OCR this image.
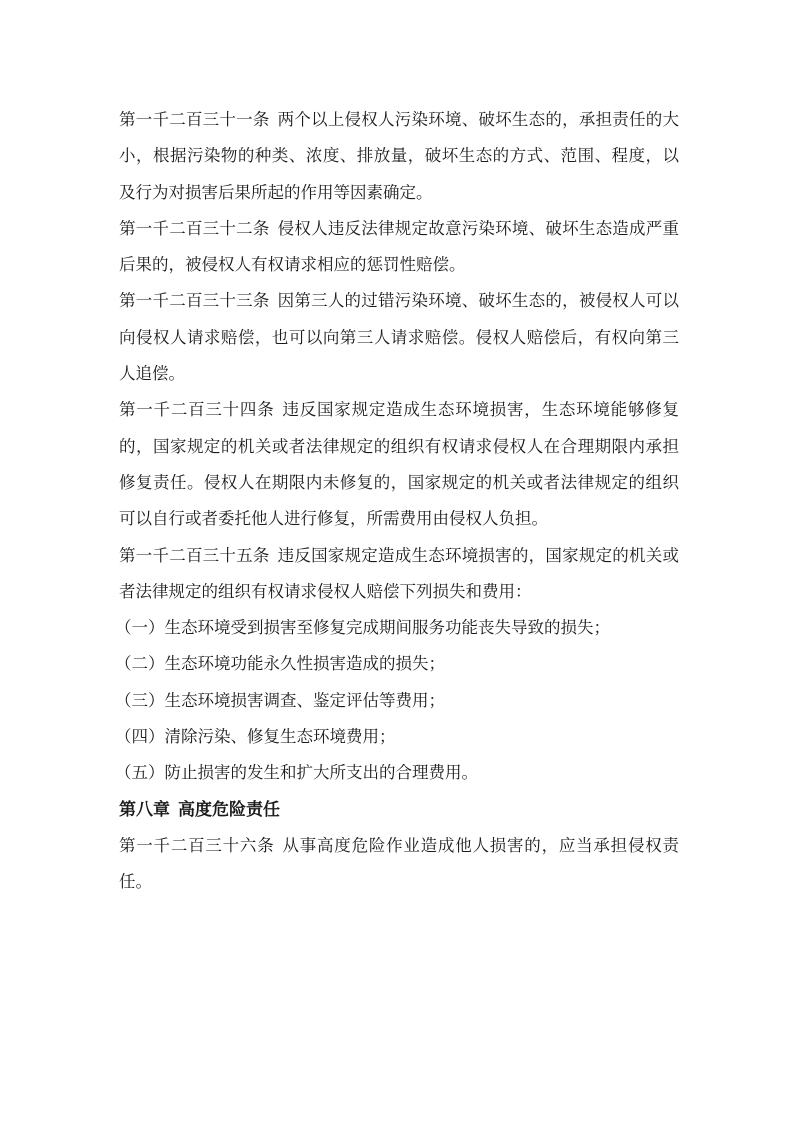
第一千二百三十一条 两个以上侵权人污染环境、破坏生态的，承担责任的大小，根据污染物的种类、浓度、排放量，破坏生态的方式、范围、程度，以及行为对损害后果所起的作用等因素确定。

第一千二百三十二条 侵权人违反法律规定故意污染环境、破坏生态造成严重后果的，被侵权人有权请求相应的惩罚性赔偿。

第一千二百三十三条 因第三人的过错污染环境、破坏生态的，被侵权人可以向侵权人请求赔偿，也可以向第三人请求赔偿。侵权人赔偿后，有权向第三人追偿。

第一千二百三十四条 违反国家规定造成生态环境损害，生态环境能够修复的，国家规定的机关或者法律规定的组织有权请求侵权人在合理期限内承担修复责任。侵权人在期限内未修复的，国家规定的机关或者法律规定的组织可以自行或者委托他人进行修复，所需费用由侵权人负担。

第一千二百三十五条 违反国家规定造成生态环境损害的，国家规定的机关或者法律规定的组织有权请求侵权人赔偿下列损失和费用：

（一）生态环境受到损害至修复完成期间服务功能丧失导致的损失；
（二）生态环境功能永久性损害造成的损失；
（三）生态环境损害调查、鉴定评估等费用；
（四）清除污染、修复生态环境费用；
（五）防止损害的发生和扩大所支出的合理费用。

第八章 高度危险责任

第一千二百三十六条 从事高度危险作业造成他人损害的，应当承担侵权责任。
